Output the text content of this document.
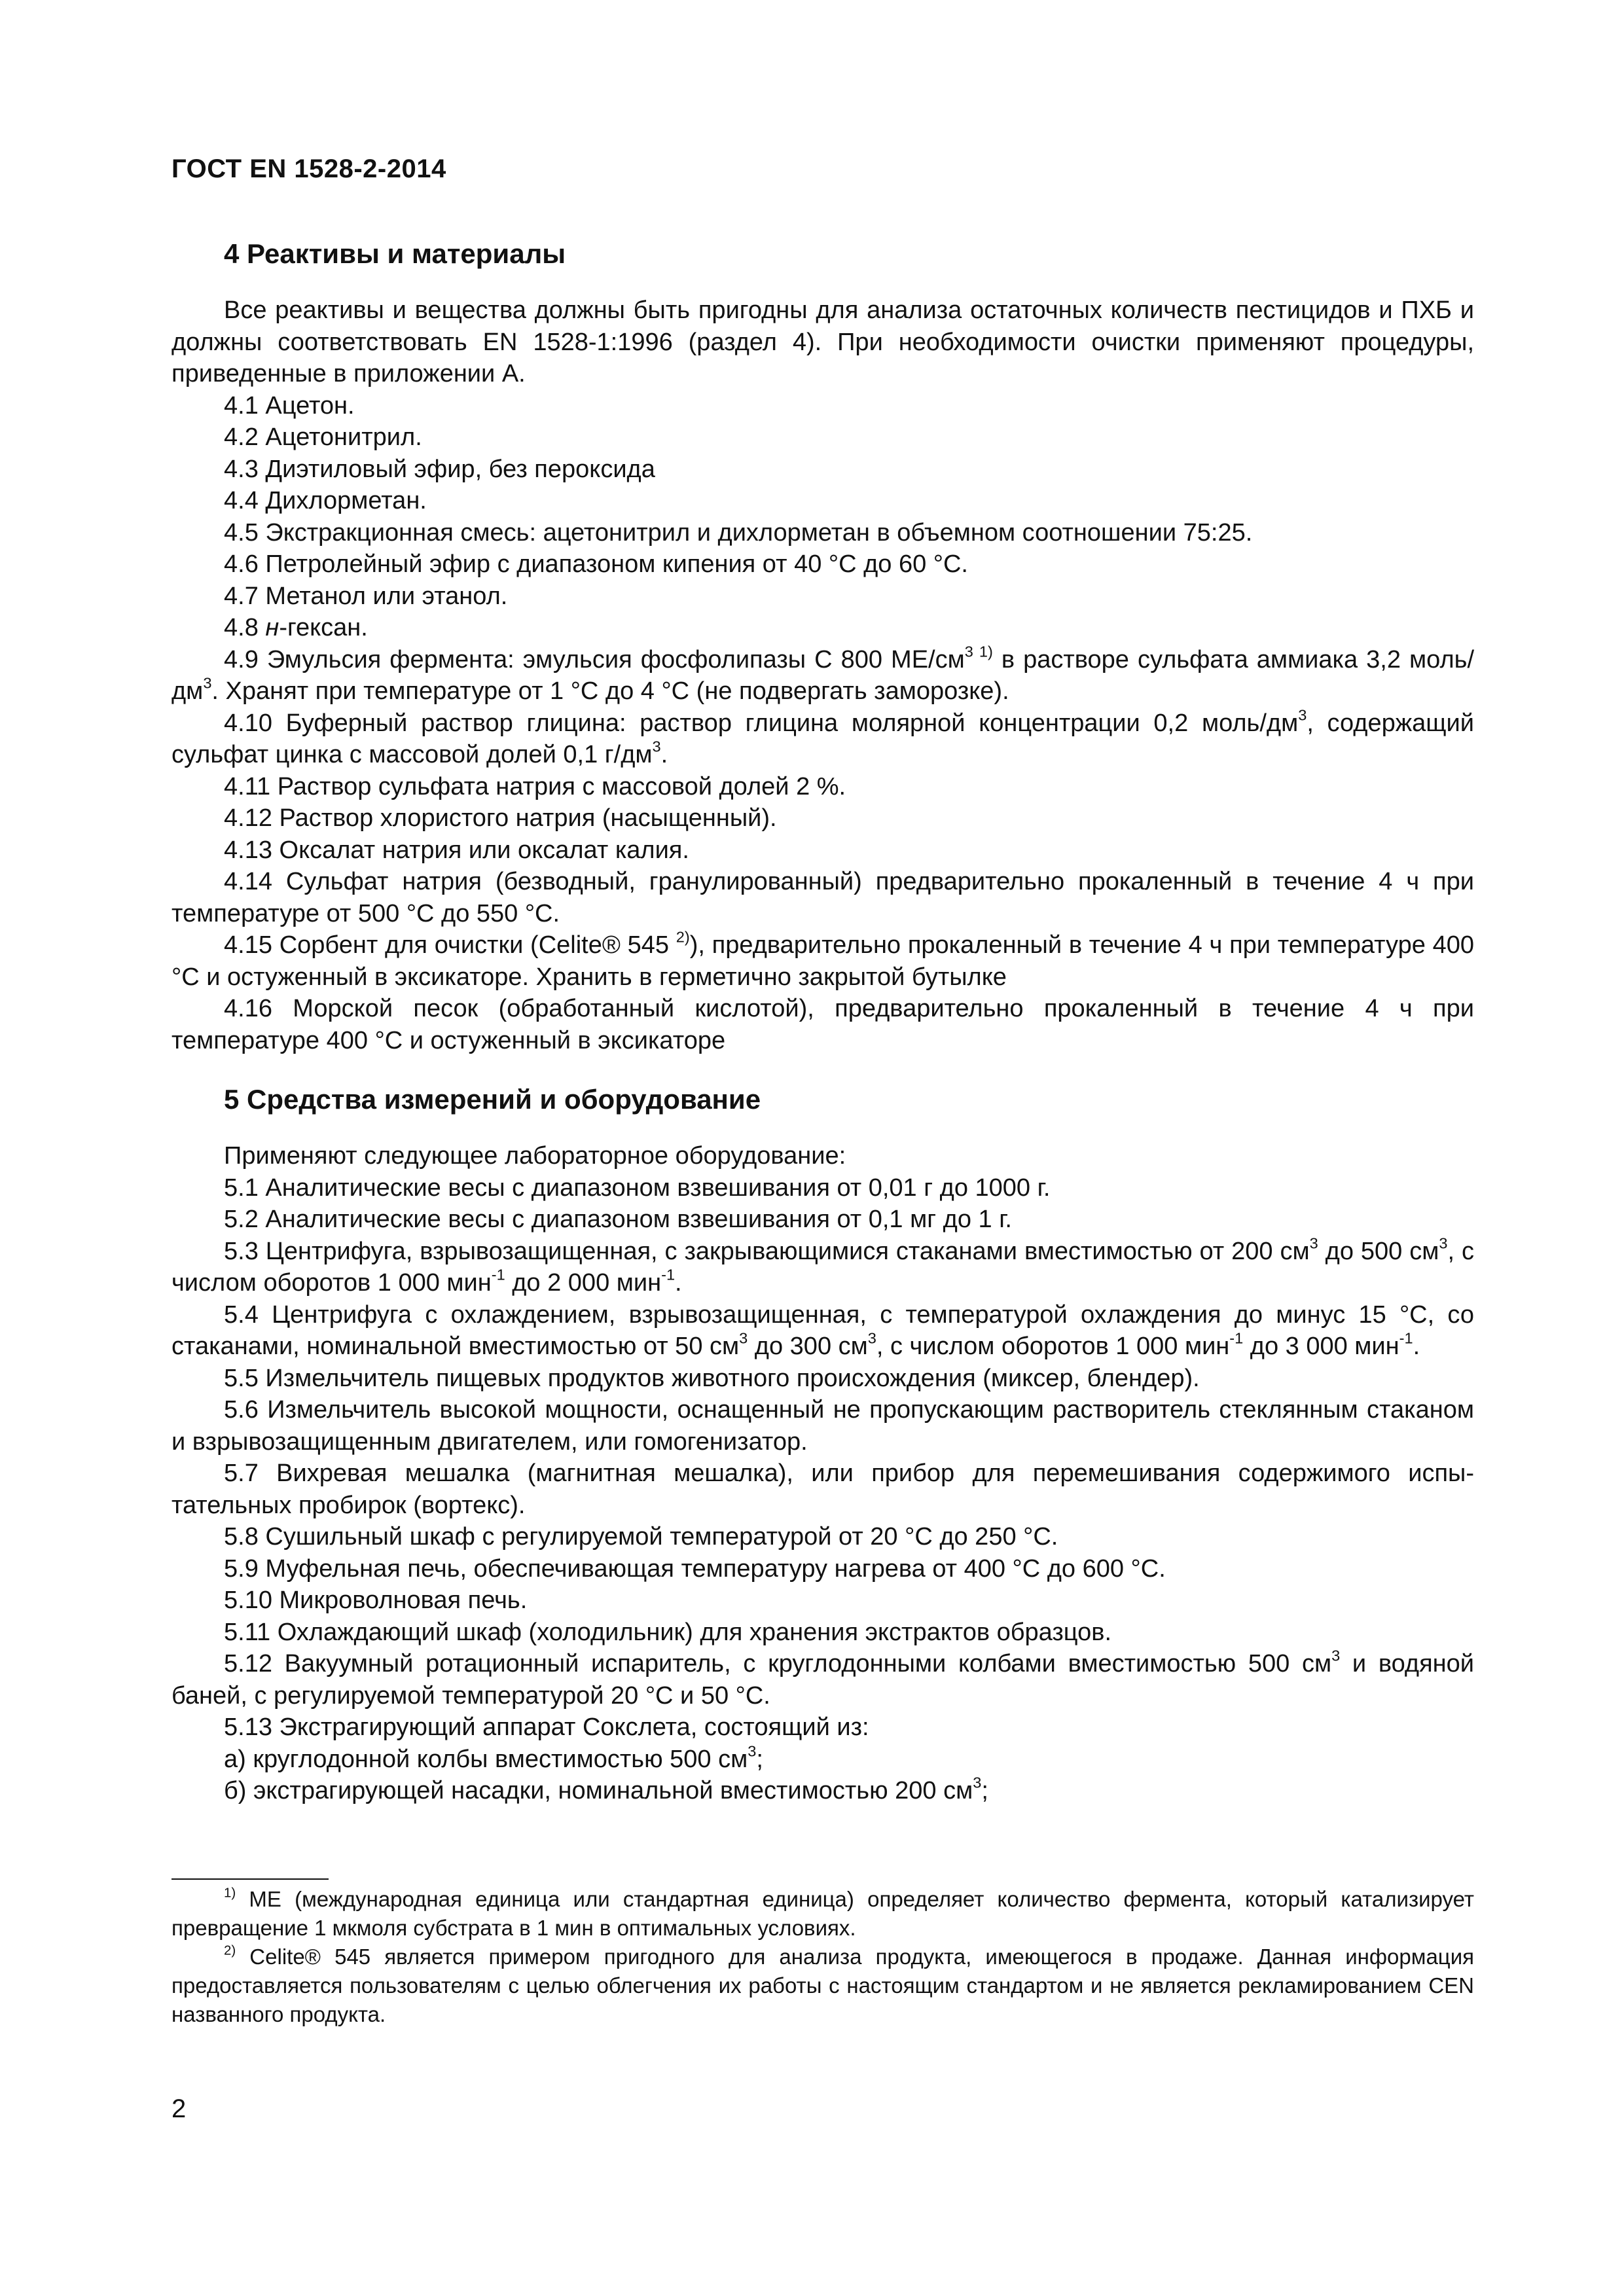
ГОСТ EN 1528-2-2014

4 Реактивы и материалы

Все реактивы и вещества должны быть пригодны для анализа остаточных количеств пестицидов и ПХБ и должны соответствовать EN 1528-1:1996 (раздел 4). При необходимости очистки применяют процедуры, приведенные в приложении А.

4.1 Ацетон.

4.2 Ацетонитрил.

4.3 Диэтиловый эфир, без пероксида

4.4 Дихлорметан.

4.5 Экстракционная смесь: ацетонитрил и дихлорметан в объемном соотношении 75:25.

4.6 Петролейный эфир с диапазоном кипения от 40 °С до 60 °С.

4.7 Метанол или этанол.

4.8 н-гексан.

4.9 Эмульсия фермента: эмульсия фосфолипазы С 800 $МЕ/см^{3 1)}$ в растворе сульфата аммиака 3,2 моль/$дм^3$. Хранят при температуре от 1 °С до 4 °С (не подвергать заморозке).

4.10 Буферный раствор глицина: раствор глицина молярной концентрации 0,2 моль/$дм^3$, содержащий сульфат цинка с массовой долей 0,1 $г/дм^3$.

4.11 Раствор сульфата натрия с массовой долей 2 %.

4.12 Раствор хлористого натрия (насыщенный).

4.13 Оксалат натрия или оксалат калия.

4.14 Сульфат натрия (безводный, гранулированный) предварительно прокаленный в течение 4 ч при температуре от 500 °С до 550 °С.

4.15 Сорбент для очистки (Celite® 545 $^{2)}$), предварительно прокаленный в течение 4 ч при температуре 400 °С и остуженный в эксикаторе. Хранить в герметично закрытой бутылке

4.16 Морской песок (обработанный кислотой), предварительно прокаленный в течение 4 ч при температуре 400 °С и остуженный в эксикаторе

5 Средства измерений и оборудование

Применяют следующее лабораторное оборудование:

5.1 Аналитические весы с диапазоном взвешивания от 0,01 г до 1000 г.

5.2 Аналитические весы с диапазоном взвешивания от 0,1 мг до 1 г.

5.3 Центрифуга, взрывозащищенная, с закрывающимися стаканами вместимостью от 200 $см^3$ до 500 $см^3$, с числом оборотов 1 000 мин$^{-1}$ до 2 000 мин$^{-1}$.

5.4 Центрифуга с охлаждением, взрывозащищенная, с температурой охлаждения до минус 15 °С, со стаканами, номинальной вместимостью от 50 $см^3$ до 300 $см^3$, с числом оборотов 1 000 мин$^{-1}$ до 3 000 мин$^{-1}$.

5.5 Измельчитель пищевых продуктов животного происхождения (миксер, блендер).

5.6 Измельчитель высокой мощности, оснащенный не пропускающим растворитель стеклянным стаканом и взрывозащищенным двигателем, или гомогенизатор.

5.7 Вихревая мешалка (магнитная мешалка), или прибор для перемешивания содержимого испытательных пробирок (вортекс).

5.8 Сушильный шкаф с регулируемой температурой от 20 °С до 250 °С.

5.9 Муфельная печь, обеспечивающая температуру нагрева от 400 °С до 600 °С.

5.10 Микроволновая печь.

5.11 Охлаждающий шкаф (холодильник) для хранения экстрактов образцов.

5.12 Вакуумный ротационный испаритель, с круглодонными колбами вместимостью 500 $см^3$ и водяной баней, с регулируемой температурой 20 °С и 50 °С.

5.13 Экстрагирующий аппарат Сокслета, состоящий из:

а) круглодонной колбы вместимостью 500 $см^3$;

б) экстрагирующей насадки, номинальной вместимостью 200 $см^3$;

$^{1)}$ МЕ (международная единица или стандартная единица) определяет количество фермента, который катализирует превращение 1 мкмоля субстрата в 1 мин в оптимальных условиях.

$^{2)}$ Celite® 545 является примером пригодного для анализа продукта, имеющегося в продаже. Данная информация предоставляется пользователям с целью облегчения их работы с настоящим стандартом и не является рекламированием CEN названного продукта.

2
